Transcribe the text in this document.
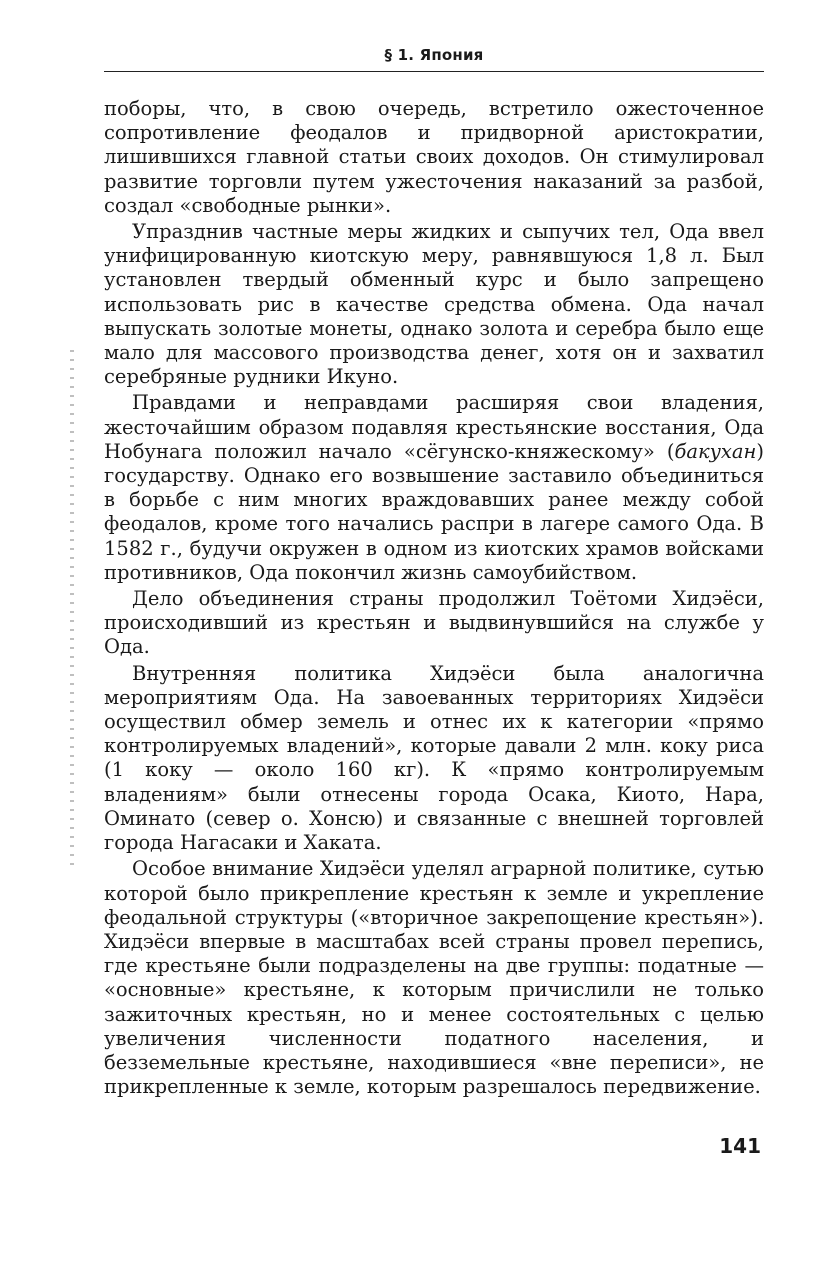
§ 1. Япония

поборы, что, в свою очередь, встретило ожесточенное сопротивление феодалов и придворной аристократии, лишившихся главной статьи своих доходов. Он стимулировал развитие торговли путем ужесточения наказаний за разбой, создал «свободные рынки».

Упразднив частные меры жидких и сыпучих тел, Ода ввел унифицированную киотскую меру, равнявшуюся 1,8 л. Был установлен твердый обменный курс и было запрещено использовать рис в качестве средства обмена. Ода начал выпускать золотые монеты, однако золота и серебра было еще мало для массового производства денег, хотя он и захватил серебряные рудники Икуно.

Правдами и неправдами расширяя свои владения, жесточайшим образом подавляя крестьянские восстания, Ода Нобунага положил начало «сёгунско-княжескому» (бакухан) государству. Однако его возвышение заставило объединиться в борьбе с ним многих враждовавших ранее между собой феодалов, кроме того начались распри в лагере самого Ода. В 1582 г., будучи окружен в одном из киотских храмов войсками противников, Ода покончил жизнь самоубийством.

Дело объединения страны продолжил Тоётоми Хидэёси, происходивший из крестьян и выдвинувшийся на службе у Ода.

Внутренняя политика Хидэёси была аналогична мероприятиям Ода. На завоеванных территориях Хидэёси осуществил обмер земель и отнес их к категории «прямо контролируемых владений», которые давали 2 млн. коку риса (1 коку — около 160 кг). К «прямо контролируемым владениям» были отнесены города Осака, Киото, Нара, Оминато (север о. Хонсю) и связанные с внешней торговлей города Нагасаки и Хаката.

Особое внимание Хидэёси уделял аграрной политике, сутью которой было прикрепление крестьян к земле и укрепление феодальной структуры («вторичное закрепощение крестьян»). Хидэёси впервые в масштабах всей страны провел перепись, где крестьяне были подразделены на две группы: податные — «основные» крестьяне, к которым причислили не только зажиточных крестьян, но и менее состоятельных с целью увеличения численности податного населения, и безземельные крестьяне, находившиеся «вне переписи», не прикрепленные к земле, которым разрешалось передвижение.

141
